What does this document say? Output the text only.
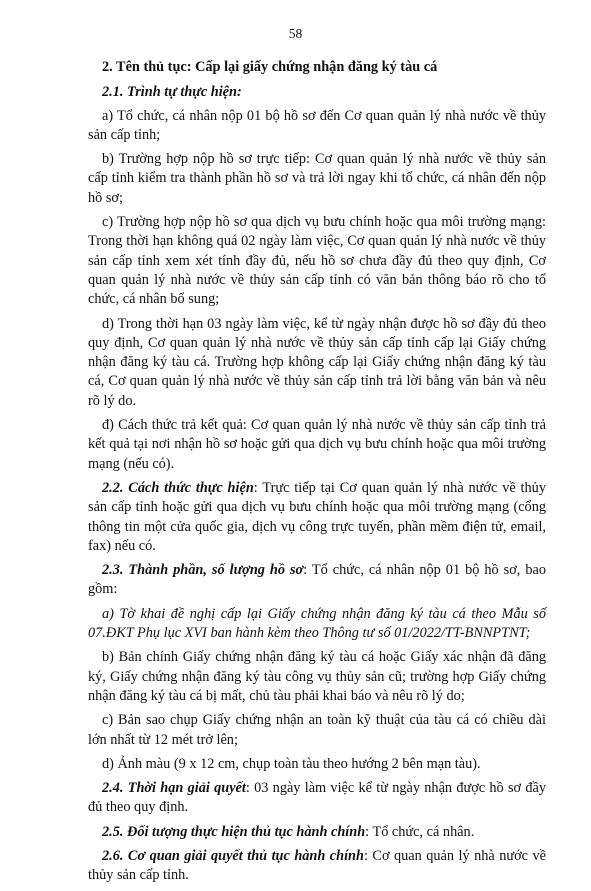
58
2. Tên thủ tục: Cấp lại giấy chứng nhận đăng ký tàu cá
2.1. Trình tự thực hiện:

a) Tổ chức, cá nhân nộp 01 bộ hồ sơ đến Cơ quan quản lý nhà nước về thủy sản cấp tỉnh;

b) Trường hợp nộp hồ sơ trực tiếp: Cơ quan quản lý nhà nước về thủy sản cấp tỉnh kiểm tra thành phần hồ sơ và trả lời ngay khi tổ chức, cá nhân đến nộp hồ sơ;

c) Trường hợp nộp hồ sơ qua dịch vụ bưu chính hoặc qua môi trường mạng: Trong thời hạn không quá 02 ngày làm việc, Cơ quan quản lý nhà nước về thủy sản cấp tỉnh xem xét tính đầy đủ, nếu hồ sơ chưa đầy đủ theo quy định, Cơ quan quản lý nhà nước về thủy sản cấp tỉnh có văn bản thông báo rõ cho tổ chức, cá nhân bổ sung;

d) Trong thời hạn 03 ngày làm việc, kể từ ngày nhận được hồ sơ đầy đủ theo quy định, Cơ quan quản lý nhà nước về thủy sản cấp tỉnh cấp lại Giấy chứng nhận đăng ký tàu cá. Trường hợp không cấp lại Giấy chứng nhận đăng ký tàu cá, Cơ quan quản lý nhà nước về thủy sản cấp tỉnh trả lời bằng văn bản và nêu rõ lý do.

đ) Cách thức trả kết quả: Cơ quan quản lý nhà nước về thủy sản cấp tỉnh trả kết quả tại nơi nhận hồ sơ hoặc gửi qua dịch vụ bưu chính hoặc qua môi trường mạng (nếu có).

2.2. Cách thức thực hiện: Trực tiếp tại Cơ quan quản lý nhà nước về thủy sản cấp tỉnh hoặc gửi qua dịch vụ bưu chính hoặc qua môi trường mạng (cổng thông tin một cửa quốc gia, dịch vụ công trực tuyến, phần mềm điện tử, email, fax) nếu có.

2.3. Thành phần, số lượng hồ sơ: Tổ chức, cá nhân nộp 01 bộ hồ sơ, bao gồm:

a) Tờ khai đề nghị cấp lại Giấy chứng nhận đăng ký tàu cá theo Mẫu số 07.ĐKT Phụ lục XVI ban hành kèm theo Thông tư số 01/2022/TT-BNNPTNT;

b) Bản chính Giấy chứng nhận đăng ký tàu cá hoặc Giấy xác nhận đã đăng ký, Giấy chứng nhận đăng ký tàu công vụ thủy sản cũ; trường hợp Giấy chứng nhận đăng ký tàu cá bị mất, chủ tàu phải khai báo và nêu rõ lý do;

c) Bản sao chụp Giấy chứng nhận an toàn kỹ thuật của tàu cá có chiều dài lớn nhất từ 12 mét trở lên;

d) Ảnh màu (9 x 12 cm, chụp toàn tàu theo hướng 2 bên mạn tàu).

2.4. Thời hạn giải quyết: 03 ngày làm việc kể từ ngày nhận được hồ sơ đầy đủ theo quy định.

2.5. Đối tượng thực hiện thủ tục hành chính: Tổ chức, cá nhân.

2.6. Cơ quan giải quyết thủ tục hành chính: Cơ quan quản lý nhà nước về thủy sản cấp tỉnh.
